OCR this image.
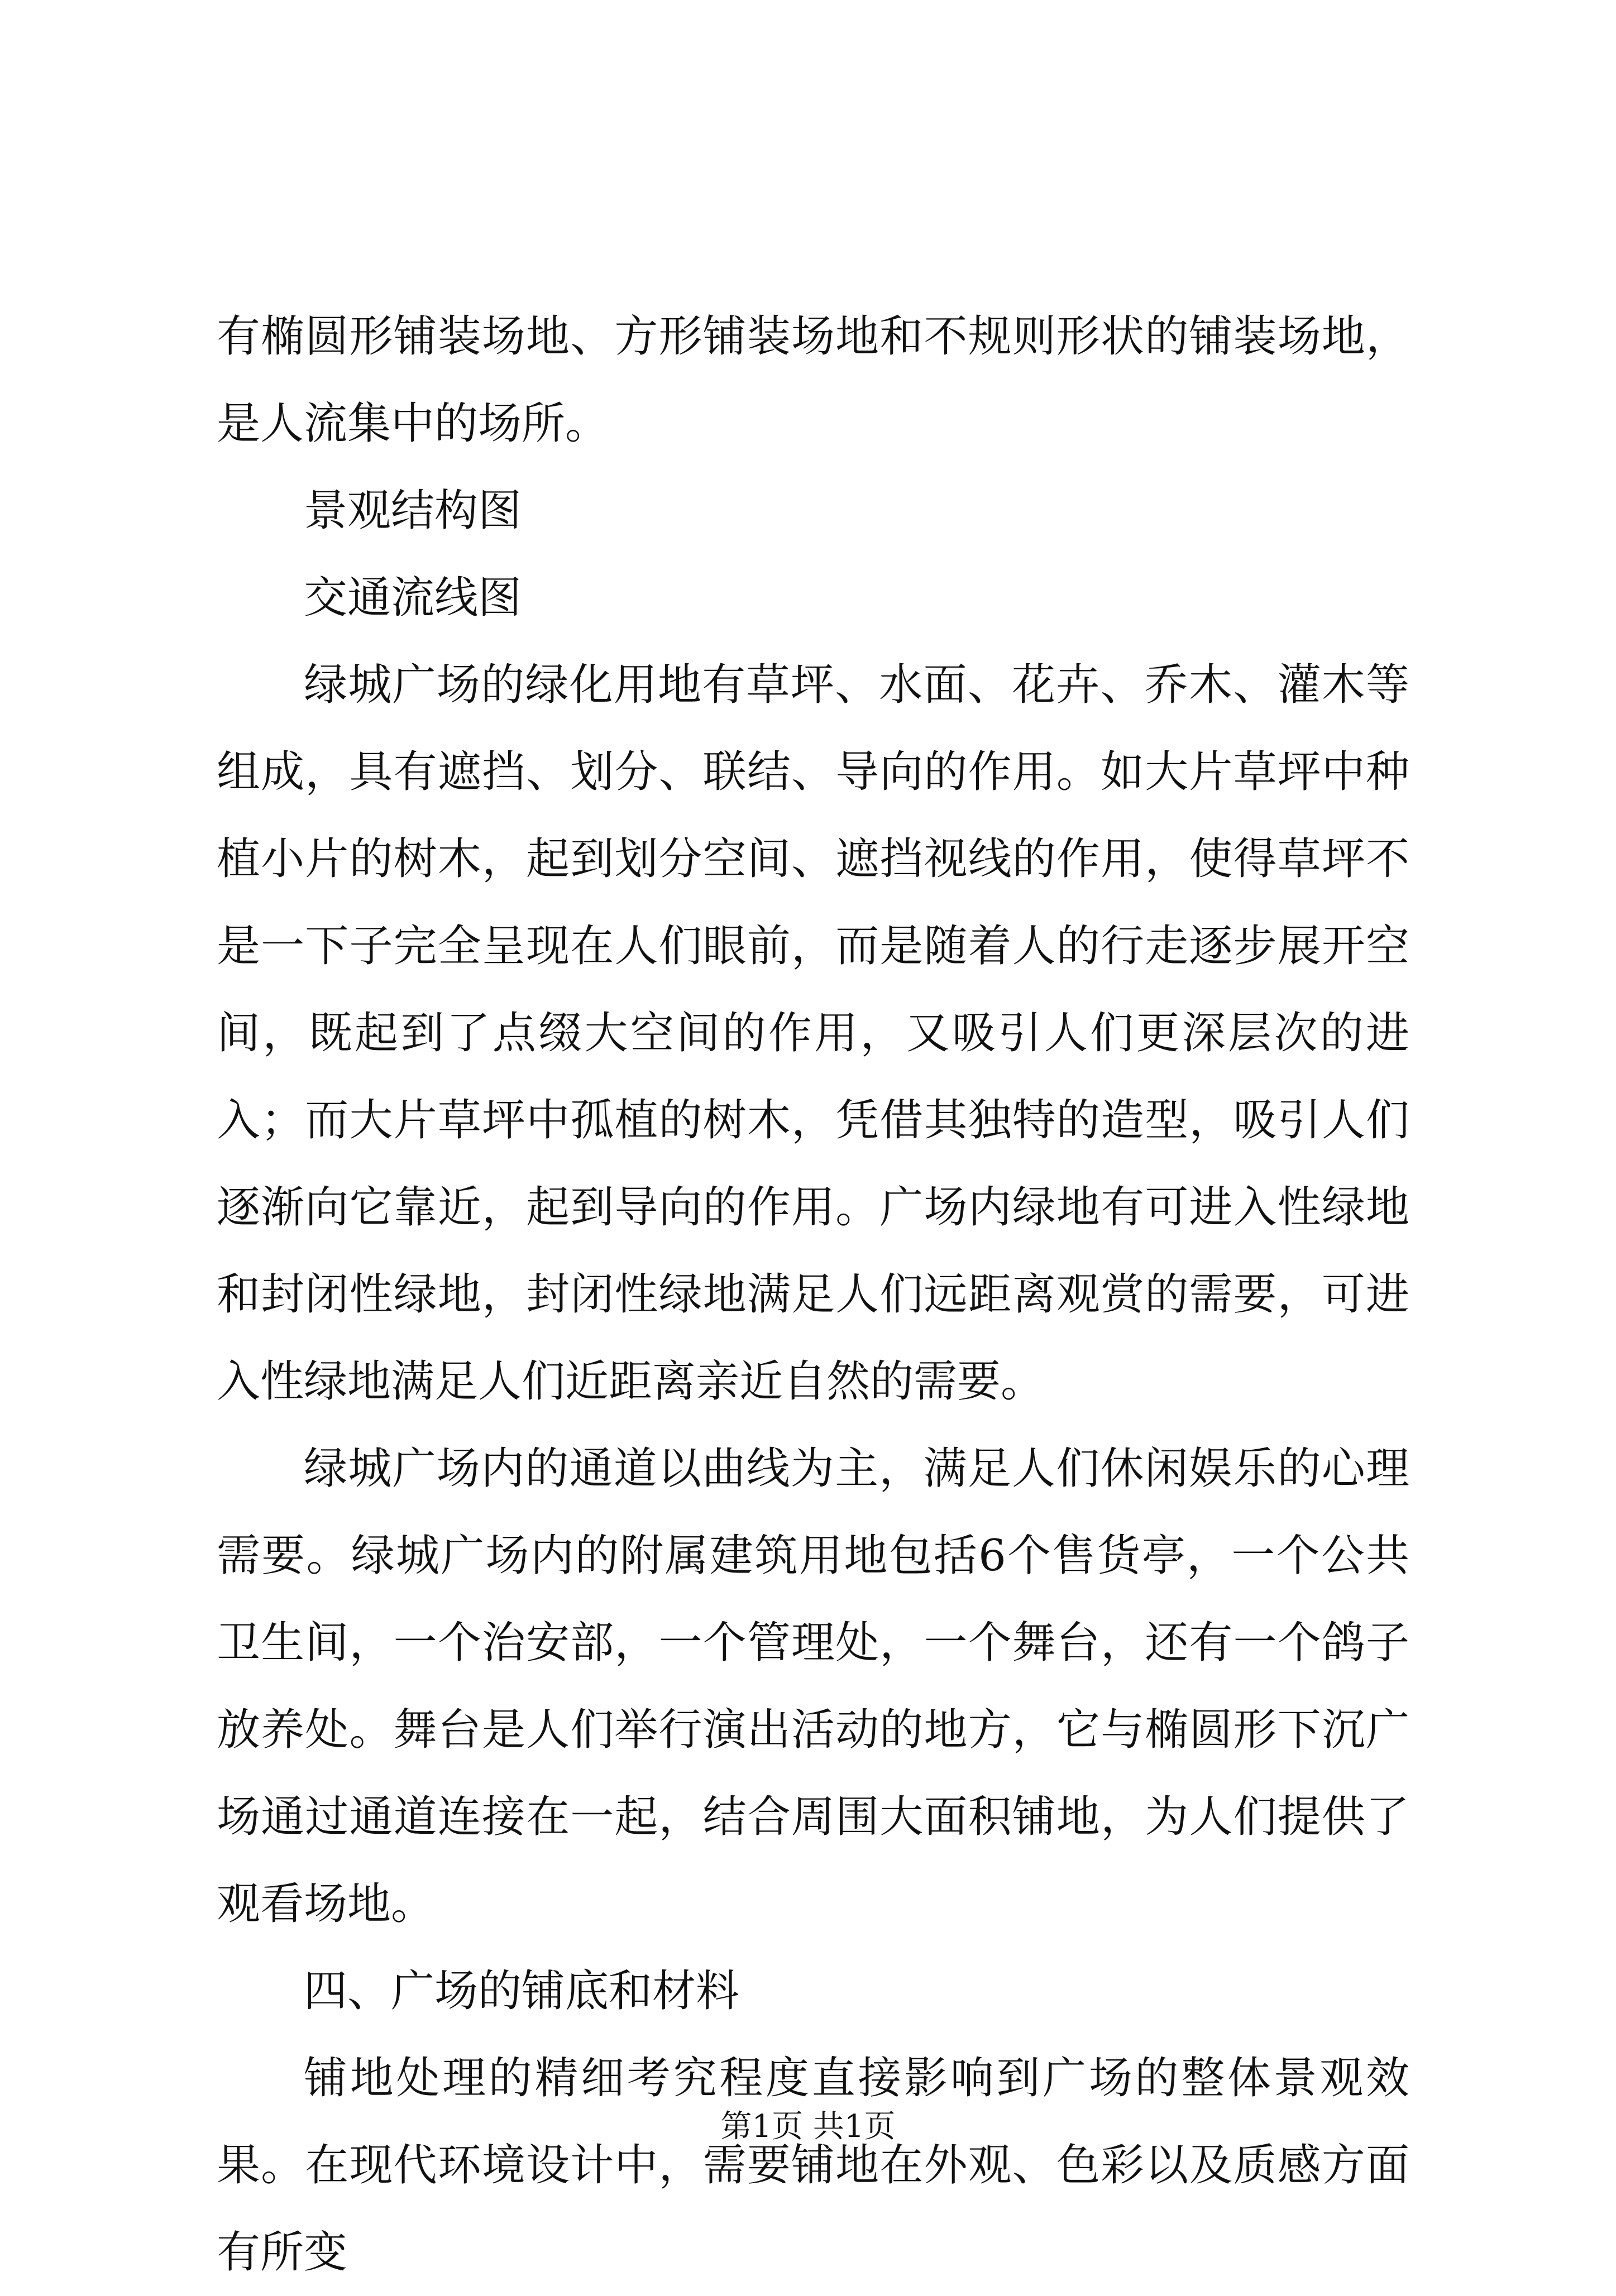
有椭圆形铺装场地、方形铺装场地和不规则形状的铺装场地，是人流集中的场所。

景观结构图

交通流线图

绿城广场的绿化用地有草坪、水面、花卉、乔木、灌木等组成，具有遮挡、划分、联结、导向的作用。如大片草坪中种植小片的树木，起到划分空间、遮挡视线的作用，使得草坪不是一下子完全呈现在人们眼前，而是随着人的行走逐步展开空间，既起到了点缀大空间的作用，又吸引人们更深层次的进入；而大片草坪中孤植的树木，凭借其独特的造型，吸引人们逐渐向它靠近，起到导向的作用。广场内绿地有可进入性绿地和封闭性绿地，封闭性绿地满足人们远距离观赏的需要，可进入性绿地满足人们近距离亲近自然的需要。

绿城广场内的通道以曲线为主，满足人们休闲娱乐的心理需要。绿城广场内的附属建筑用地包括6个售货亭，一个公共卫生间，一个治安部，一个管理处，一个舞台，还有一个鸽子放养处。舞台是人们举行演出活动的地方，它与椭圆形下沉广场通过通道连接在一起，结合周围大面积铺地，为人们提供了观看场地。

四、广场的铺底和材料

铺地处理的精细考究程度直接影响到广场的整体景观效果。在现代环境设计中，需要铺地在外观、色彩以及质感方面有所变

第1页 共1页
